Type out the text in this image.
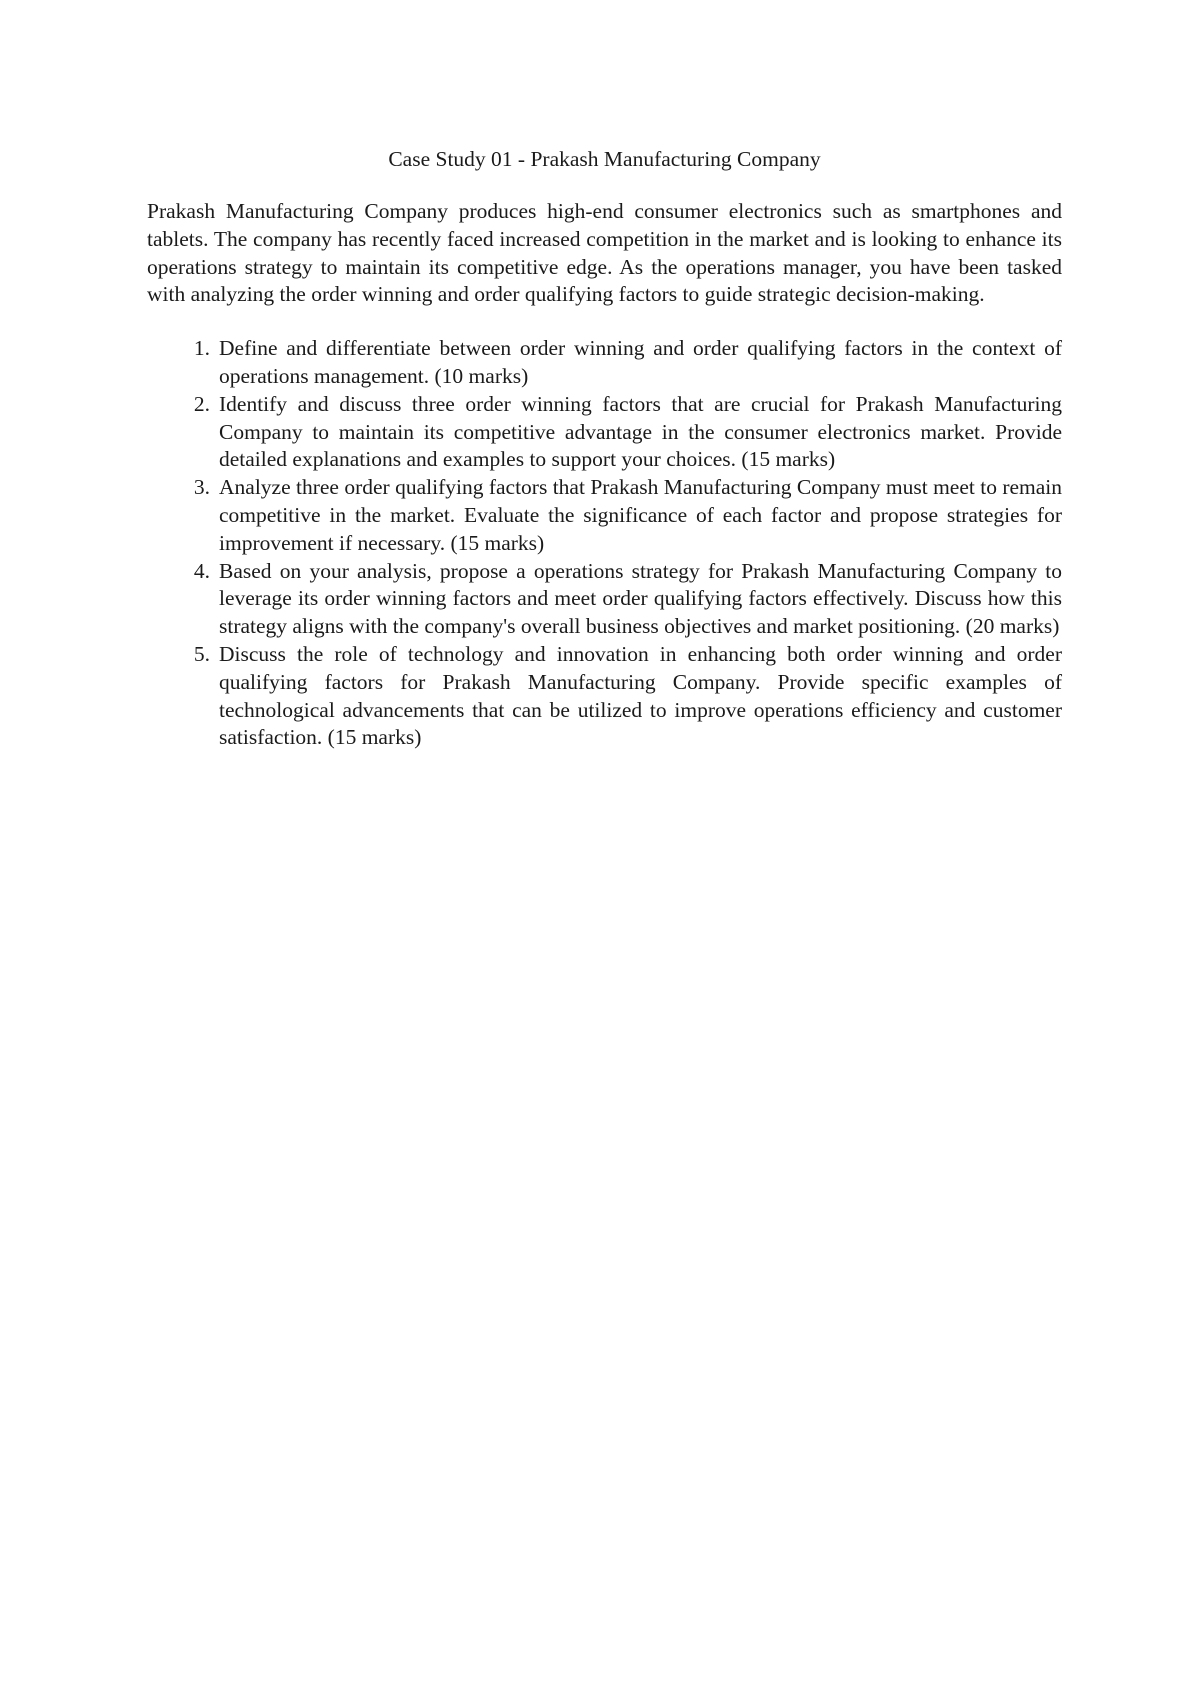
Case Study 01 - Prakash Manufacturing Company

Prakash Manufacturing Company produces high-end consumer electronics such as smartphones and tablets. The company has recently faced increased competition in the market and is looking to enhance its operations strategy to maintain its competitive edge. As the operations manager, you have been tasked with analyzing the order winning and order qualifying factors to guide strategic decision-making.

1. Define and differentiate between order winning and order qualifying factors in the context of operations management. (10 marks)
2. Identify and discuss three order winning factors that are crucial for Prakash Manufacturing Company to maintain its competitive advantage in the consumer electronics market. Provide detailed explanations and examples to support your choices. (15 marks)
3. Analyze three order qualifying factors that Prakash Manufacturing Company must meet to remain competitive in the market. Evaluate the significance of each factor and propose strategies for improvement if necessary. (15 marks)
4. Based on your analysis, propose a operations strategy for Prakash Manufacturing Company to leverage its order winning factors and meet order qualifying factors effectively. Discuss how this strategy aligns with the company's overall business objectives and market positioning. (20 marks)
5. Discuss the role of technology and innovation in enhancing both order winning and order qualifying factors for Prakash Manufacturing Company. Provide specific examples of technological advancements that can be utilized to improve operations efficiency and customer satisfaction. (15 marks)
